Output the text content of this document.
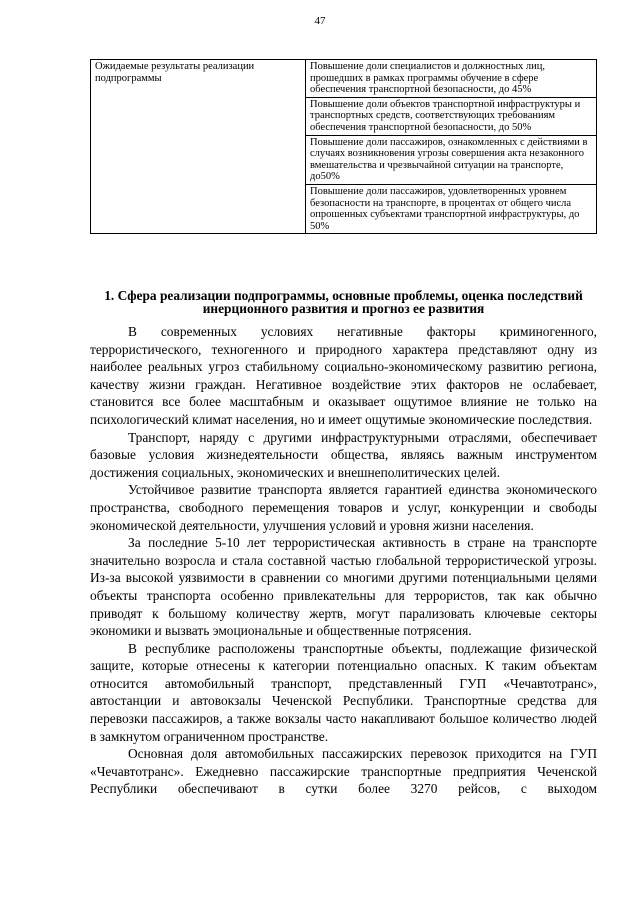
47
Ожидаемые результаты реализации подпрограммы	Повышение доли специалистов и должностных лиц, прошедших в рамках программы обучение в сфере обеспечения транспортной безопасности, до 45%
Повышение доли объектов транспортной инфраструктуры и транспортных средств, соответствующих требованиям обеспечения транспортной безопасности, до 50%
Повышение доли пассажиров, ознакомленных с действиями в случаях возникновения угрозы совершения акта незаконного вмешательства и чрезвычайной ситуации на транспорте, до50%
Повышение доли пассажиров, удовлетворенных уровнем безопасности на транспорте, в процентах от общего числа опрошенных субъектами транспортной инфраструктуры, до 50%
1. Сфера реализации подпрограммы, основные проблемы, оценка последствий инерционного развития и прогноз ее развития

В современных условиях негативные факторы криминогенного, террористического, техногенного и природного характера представляют одну из наиболее реальных угроз стабильному социально-экономическому развитию региона, качеству жизни граждан. Негативное воздействие этих факторов не ослабевает, становится все более масштабным и оказывает ощутимое влияние не только на психологический климат населения, но и имеет ощутимые экономические последствия.

Транспорт, наряду с другими инфраструктурными отраслями, обеспечивает базовые условия жизнедеятельности общества, являясь важным инструментом достижения социальных, экономических и внешнеполитических целей.

Устойчивое развитие транспорта является гарантией единства экономического пространства, свободного перемещения товаров и услуг, конкуренции и свободы экономической деятельности, улучшения условий и уровня жизни населения.

За последние 5-10 лет террористическая активность в стране на транспорте значительно возросла и стала составной частью глобальной террористической угрозы. Из-за высокой уязвимости в сравнении со многими другими потенциальными целями объекты транспорта особенно привлекательны для террористов, так как обычно приводят к большому количеству жертв, могут парализовать ключевые секторы экономики и вызвать эмоциональные и общественные потрясения.

В республике расположены транспортные объекты, подлежащие физической защите, которые отнесены к категории потенциально опасных. К таким объектам относится автомобильный транспорт, представленный ГУП «Чечавтотранс», автостанции и автовокзалы Чеченской Республики. Транспортные средства для перевозки пассажиров, а также вокзалы часто накапливают большое количество людей в замкнутом ограниченном пространстве.

Основная доля автомобильных пассажирских перевозок приходится на ГУП «Чечавтотранс». Ежедневно пассажирские транспортные предприятия Чеченской Республики обеспечивают в сутки более 3270 рейсов, с выходом
